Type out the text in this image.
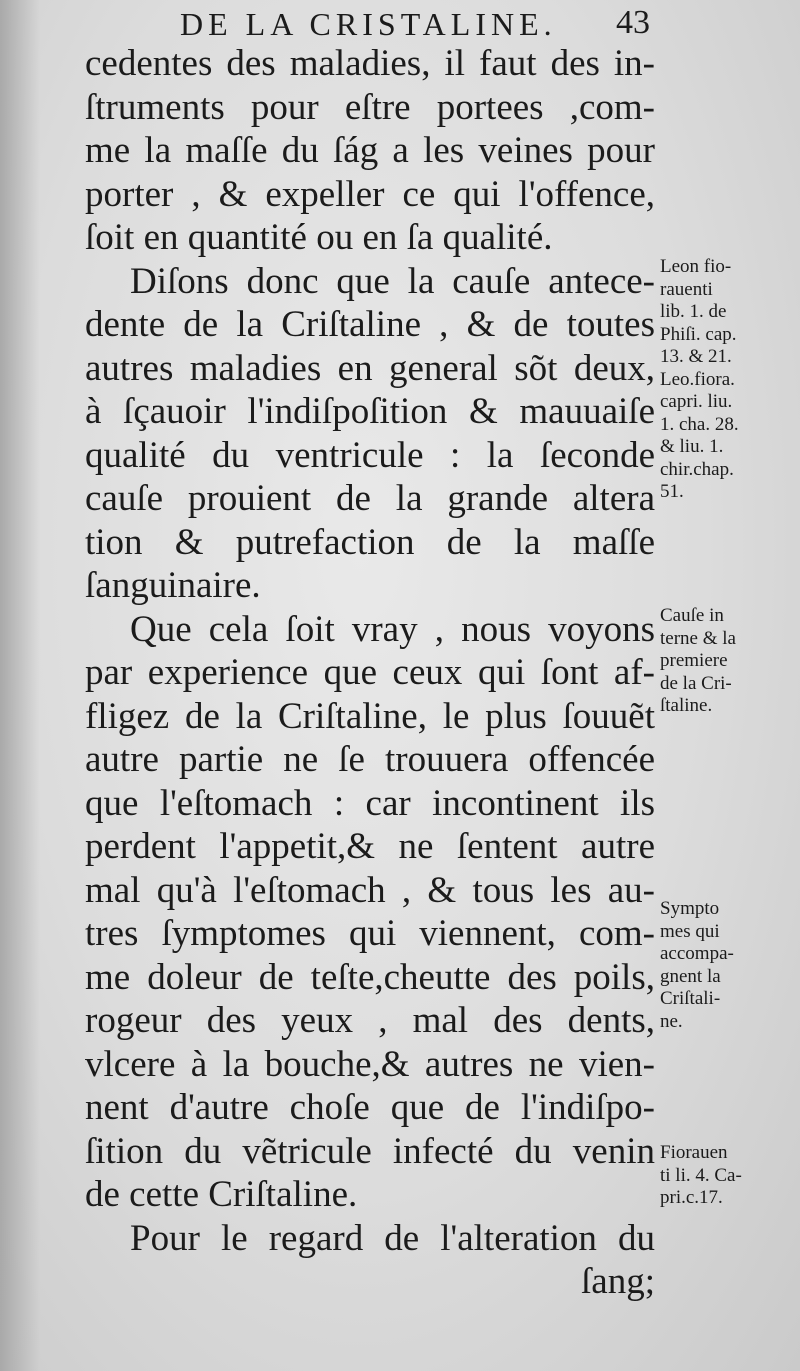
DE LA CRISTALINE. 43
cedentes des maladies, il faut des in-
ſtruments pour eſtre portees ,com-
me la maſſe du ſág a les veines pour
porter , & expeller ce qui l'offence,
ſoit en quantité ou en ſa qualité.
Diſons donc que la cauſe antece-
dente de la Criſtaline , & de toutes
autres maladies en general sõt deux,
à ſçauoir l'indiſpoſition & mauuaiſe
qualité du ventricule : la ſeconde
cauſe prouient de la grande altera
tion & putrefaction de la maſſe
ſanguinaire.
Que cela ſoit vray , nous voyons
par experience que ceux qui ſont af-
fligez de la Criſtaline, le plus ſouuẽt
autre partie ne ſe trouuera offencée
que l'eſtomach : car incontinent ils
perdent l'appetit,& ne ſentent autre
mal qu'à l'eſtomach , & tous les au-
tres ſymptomes qui viennent, com-
me doleur de teſte,cheutte des poils,
rogeur des yeux , mal des dents,
vlcere à la bouche,& autres ne vien-
nent d'autre choſe que de l'indiſpo-
ſition du vẽtricule infecté du venin
de cette Criſtaline.
Pour le regard de l'alteration du
ſang;
Leon fio-
rauenti
lib. 1. de
Phiſi. cap.
13. & 21.
Leo.fiora.
capri. liu.
1. cha. 28.
& liu. 1.
chir.chap.
51.
Cauſe in
terne & la
premiere
de la Cri-
ſtaline.
Sympto
mes qui
accompa-
gnent la
Criſtali-
ne.
Fiorauen
ti li. 4. Ca-
pri.c.17.
